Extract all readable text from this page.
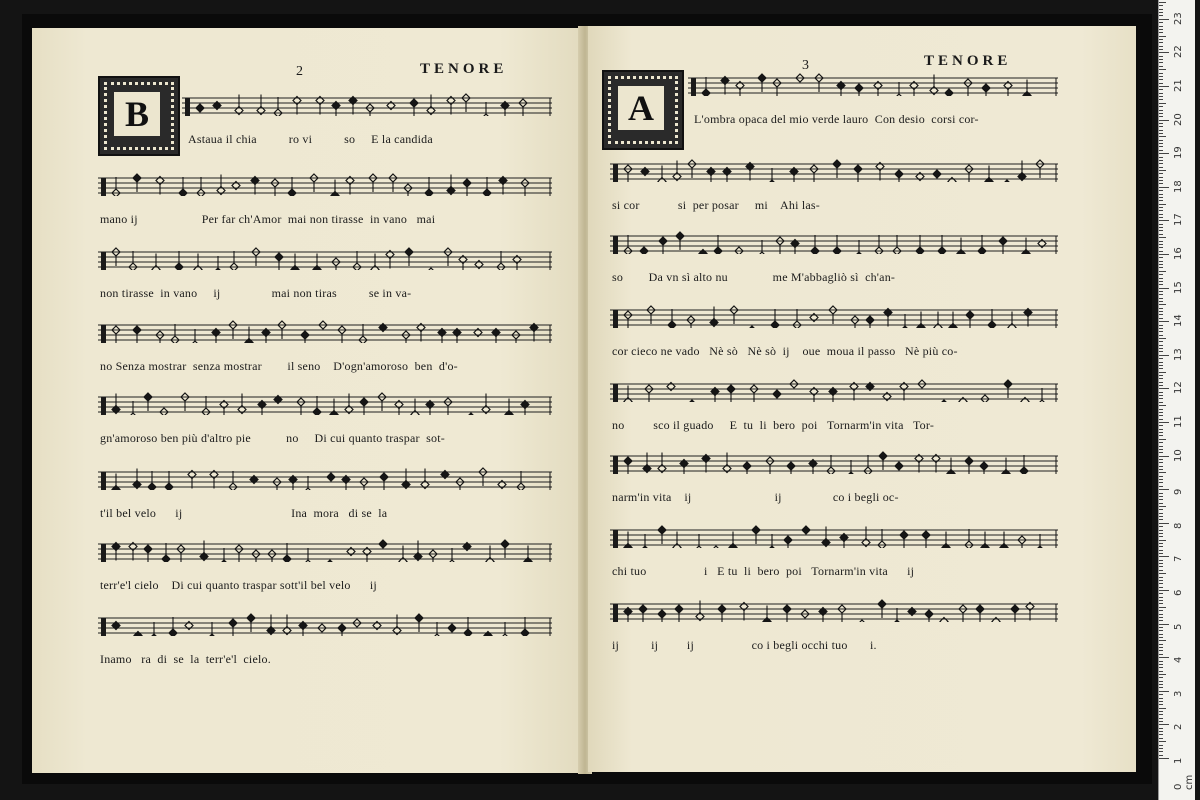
2	TENORE
B
Astaua il chia          ro vi          so     E la candida
mano ij                    Per far ch'Amor  mai non tirasse  in vano   mai
non tirasse  in vano     ij                mai non tiras          se in va-
no Senza mostrar  senza mostrar        il seno    D'ogn'amoroso  ben  d'o-
gn'amoroso ben più d'altro pie           no     Di cui quanto traspar  sot-
t'il bel velo      ij                                  Ina  mora   di se  la
terr'e'l cielo    Di cui quanto traspar sott'il bel velo      ij
Inamo   ra  di  se  la  terr'e'l  cielo.
3	TENORE
A	L'ombra opaca del mio verde lauro  Con desio  corsi cor-
si cor            si  per posar     mi    Ahi las-
so        Da vn sì alto nu              me M'abbagliò sì  ch'an-
cor cieco ne vado   Nè sò   Nè sò  ij    oue  moua il passo   Nè più co-
no         sco il guado     E  tu  li  bero  poi   Tornarm'in vita   Tor-
narm'in vita    ij                          ij                co i begli oc-
chi tuo                  i   E tu  li  bero  poi   Tornarm'in vita      ij
ij          ij         ij                  co i begli occhi tuo       i.
0 cm
1
2
3
4
5
6
7
8
9
10
11
12
13
14
15
16
17
18
19
20
21
22
23
